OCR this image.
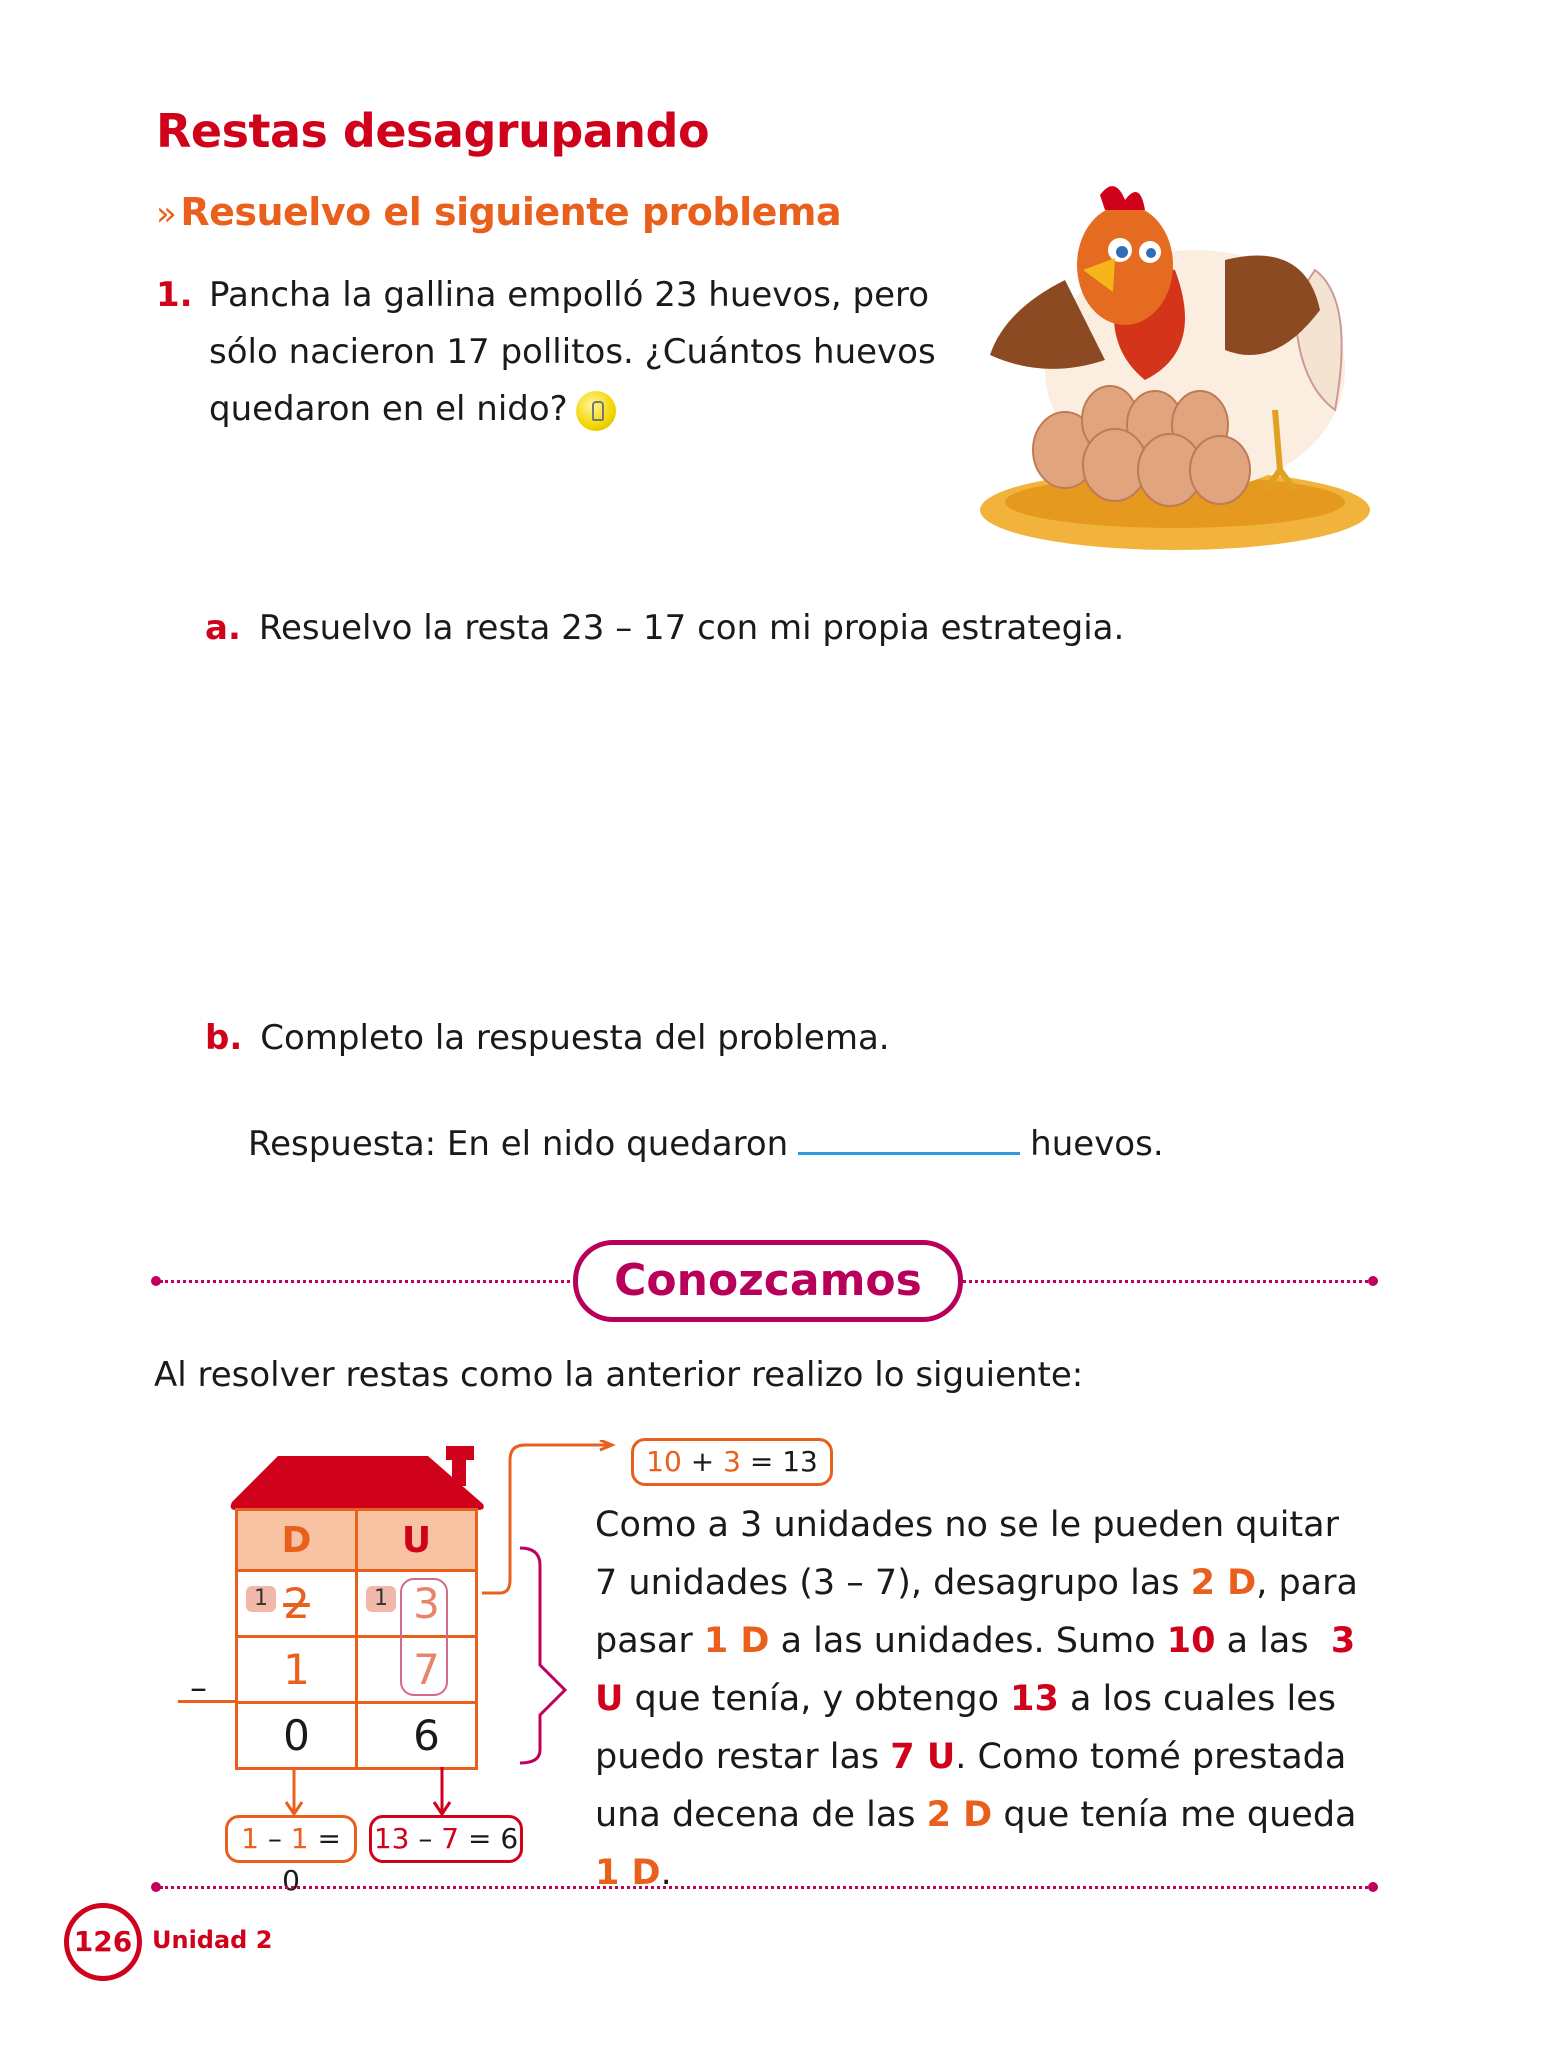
Restas desagrupando
» Resuelvo el siguiente problema
1. Pancha la gallina empolló 23 huevos, pero
sólo nacieron 17 pollitos. ¿Cuántos huevos
quedaron en el nido?
a. Resuelvo la resta 23 – 17 con mi propia estrategia.
b. Completo la respuesta del problema.
Respuesta: En el nido quedaron	huevos.
Conozcamos
Al resolver restas como la anterior realizo lo siguiente:
D	U

1 2	1 3
1	7
0	6
–
10 + 3 = 13
1 – 1 = 0
13 – 7 = 6
Como a 3 unidades no se le pueden quitar
7 unidades (3 – 7), desagrupo las 2 D, para
pasar 1 D a las unidades. Sumo 10 a las  3
U que tenía, y obtengo 13 a los cuales les
puedo restar las 7 U. Como tomé prestada
una decena de las 2 D que tenía me queda
1 D.
126 Unidad 2
